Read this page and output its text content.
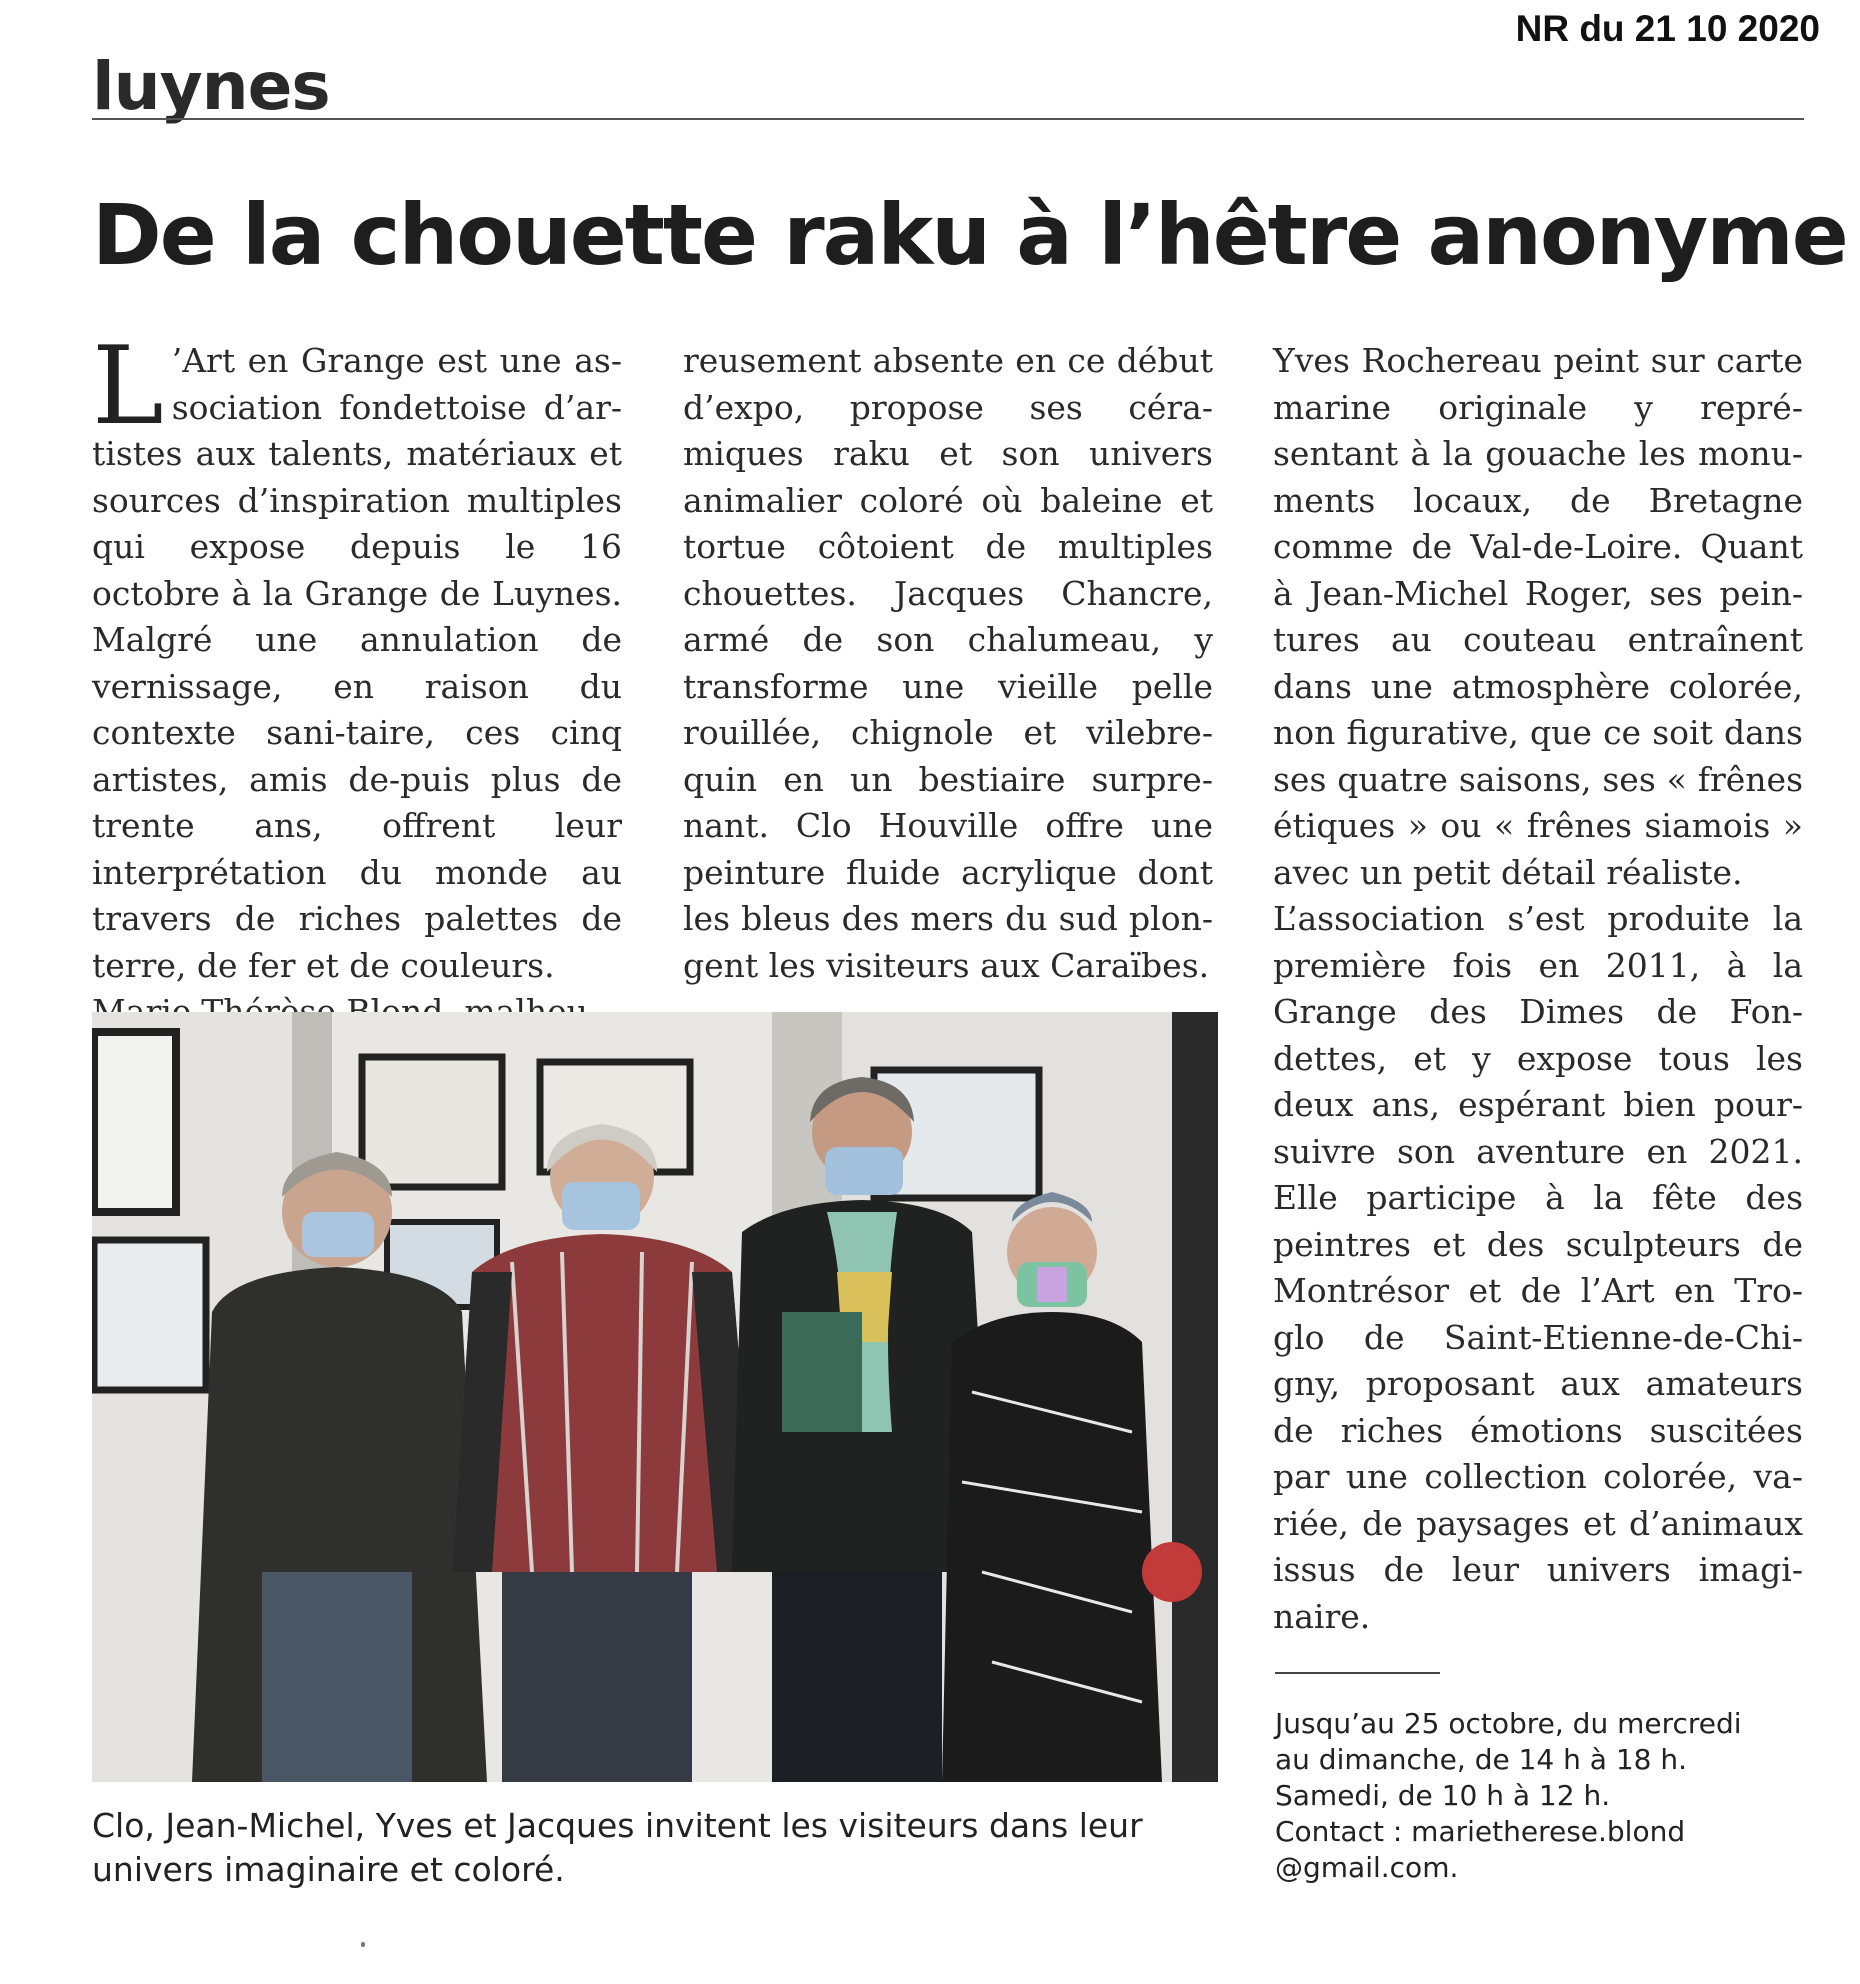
NR du 21 10 2020
luynes
De la chouette raku à l’hêtre anonyme

L ’Art en Grange est une as-sociation fondettoise d’ar-tistes aux talents, matériaux et sources d’inspiration multiples qui expose depuis le 16 octobre à la Grange de Luynes. Malgré une annulation de vernissage, en raison du contexte sani-taire, ces cinq artistes, amis de-puis plus de trente ans, offrent leur interprétation du monde au travers de riches palettes de terre, de fer et de couleurs.

reusement absente en ce début d’expo, propose ses céra-miques raku et son univers animalier coloré où baleine et tortue côtoient de multiples chouettes. Jacques Chancre, armé de son chalumeau, y transforme une vieille pelle rouillée, chignole et vilebre-quin en un bestiaire surpre-nant. Clo Houville offre une peinture fluide acrylique dont les bleus des mers du sud plon-gent les visiteurs aux Caraïbes.

Yves Rochereau peint sur carte marine originale y repré-sentant à la gouache les monu-ments locaux, de Bretagne comme de Val-de-Loire. Quant à Jean-Michel Roger, ses pein-tures au couteau entraînent dans une atmosphère colorée, non figurative, que ce soit dans ses quatre saisons, ses « frênes étiques » ou « frênes siamois » avec un petit détail réaliste.

L’association s’est produite la première fois en 2011, à la Grange des Dimes de Fon-dettes, et y expose tous les deux ans, espérant bien pour-suivre son aventure en 2021. Elle participe à la fête des peintres et des sculpteurs de Montrésor et de l’Art en Tro-glo de Saint-Etienne-de-Chi-gny, proposant aux amateurs de riches émotions suscitées par une collection colorée, va-riée, de paysages et d’animaux issus de leur univers imagi-naire.

Clo, Jean-Michel, Yves et Jacques invitent les visiteurs dans leur univers imaginaire et coloré.
Jusqu’au 25 octobre, du mercredi
au dimanche, de 14 h à 18 h.
Samedi, de 10 h à 12 h.
Contact : marietherese.blond
@gmail.com.
